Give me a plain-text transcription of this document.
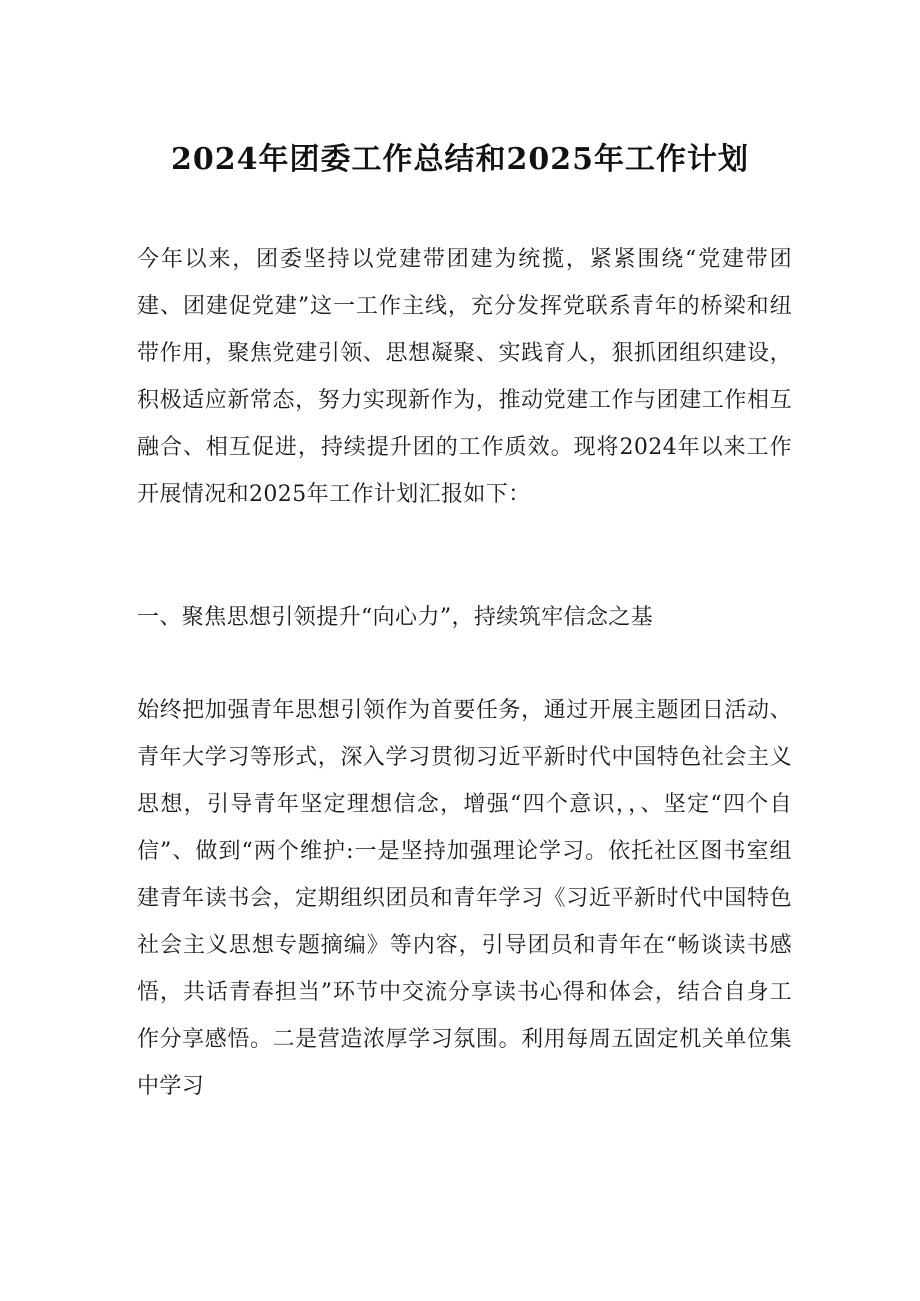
2024年团委工作总结和2025年工作计划

今年以来，团委坚持以党建带团建为统揽，紧紧围绕“党建带团建、团建促党建”这一工作主线，充分发挥党联系青年的桥梁和纽带作用，聚焦党建引领、思想凝聚、实践育人，狠抓团组织建设，积极适应新常态，努力实现新作为，推动党建工作与团建工作相互融合、相互促进，持续提升团的工作质效。现将2024年以来工作开展情况和2025年工作计划汇报如下：

一、聚焦思想引领提升“向心力”，持续筑牢信念之基

始终把加强青年思想引领作为首要任务，通过开展主题团日活动、青年大学习等形式，深入学习贯彻习近平新时代中国特色社会主义思想，引导青年坚定理想信念，增强“四个意识，，、坚定“四个自信”、做到“两个维护:一是坚持加强理论学习。依托社区图书室组建青年读书会，定期组织团员和青年学习《习近平新时代中国特色社会主义思想专题摘编》等内容，引导团员和青年在“畅谈读书感悟，共话青春担当”环节中交流分享读书心得和体会，结合自身工作分享感悟。二是营造浓厚学习氛围。利用每周五固定机关单位集中学习
